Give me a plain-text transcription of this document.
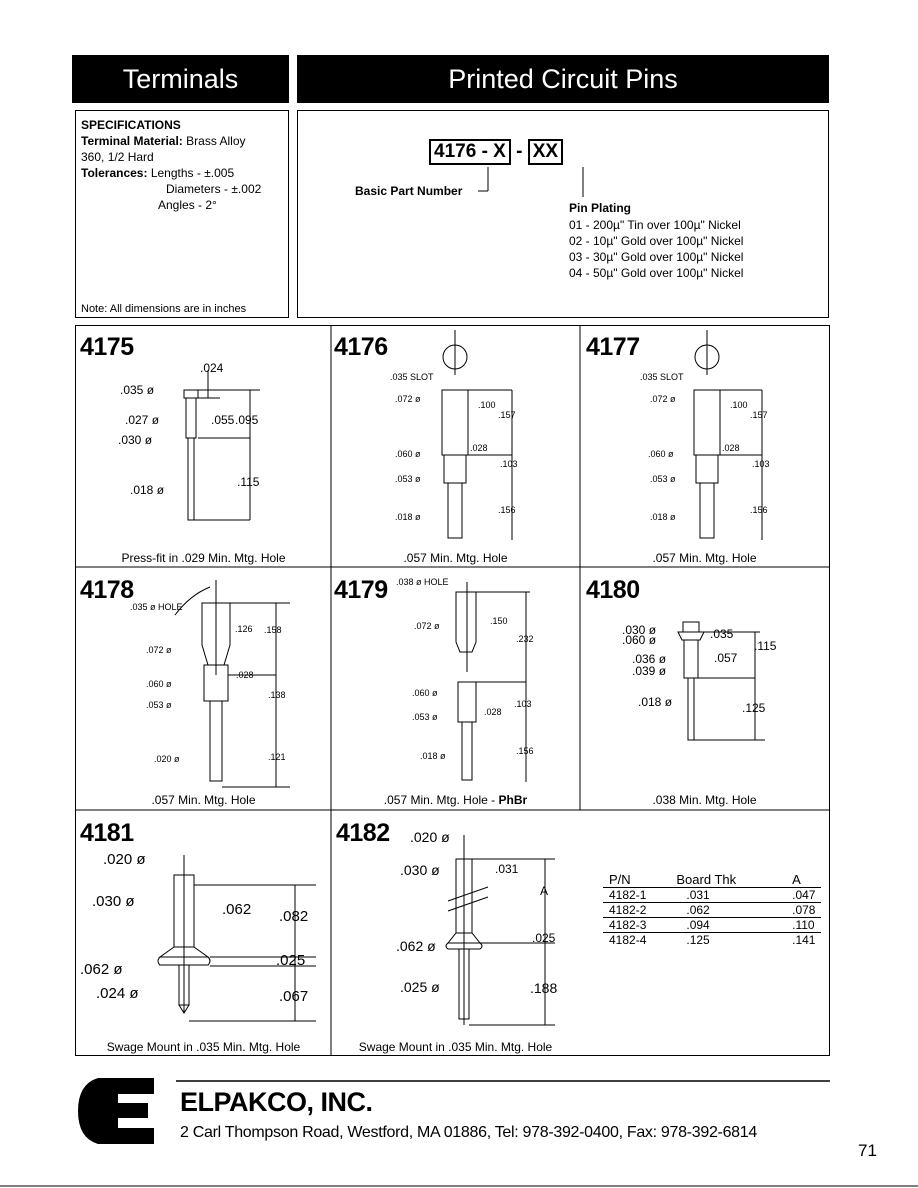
Terminals	Printed Circuit Pins
SPECIFICATIONS
Terminal Material: Brass Alloy
360, 1/2 Hard
Tolerances: Lengths - ±.005
Diameters - ±.002
Angles - 2°
Note: All dimensions are in inches
4176 - X - XX
Basic Part Number
Pin Plating
01 - 200µ" Tin over 100µ" Nickel
02 - 10µ" Gold over 100µ" Nickel
03 - 30µ" Gold over 100µ" Nickel
04 - 50µ" Gold over 100µ" Nickel
4175
.024
.035 ø
.027 ø
.030 ø
.055 .095
.018 ø
.115
Press-fit in .029 Min. Mtg. Hole
4176
.035 SLOT
.072 ø
.100
.157
.028
.060 ø
.103
.053 ø
.156
.018 ø
.057 Min. Mtg. Hole
4177
.035 SLOT
.072 ø
.100
.157
.028
.060 ø
.103
.053 ø
.156
.018 ø
.057 Min. Mtg. Hole
4178
.035 ø HOLE
.126 .158
.072 ø
.028
.060 ø
.138
.053 ø
.020 ø	.121
.057 Min. Mtg. Hole
4179 .038 ø HOLE
.150
.232
.072 ø
.060 ø
.103
.053 ø	.028
.156
.018 ø
.057 Min. Mtg. Hole - PhBr
4180
.030 ø
.060 ø	.035
.115
.036 ø
.039 ø
.057
.018 ø	.125
.038 Min. Mtg. Hole
4181
.020 ø
.030 ø	.062 .082
.062 ø
.025
.024 ø	.067
Swage Mount in .035 Min. Mtg. Hole
4182 .020 ø
.030 ø	.031
A
.062 ø	.025
.025 ø	.188
Swage Mount in .035 Min. Mtg. Hole
P/N	Board Thk	A
4182-1	.031	.047
4182-2	.062	.078
4182-3	.094	.110
4182-4	.125	.141
ELPAKCO, INC.
2 Carl Thompson Road, Westford, MA 01886, Tel: 978-392-0400, Fax: 978-392-6814
71
